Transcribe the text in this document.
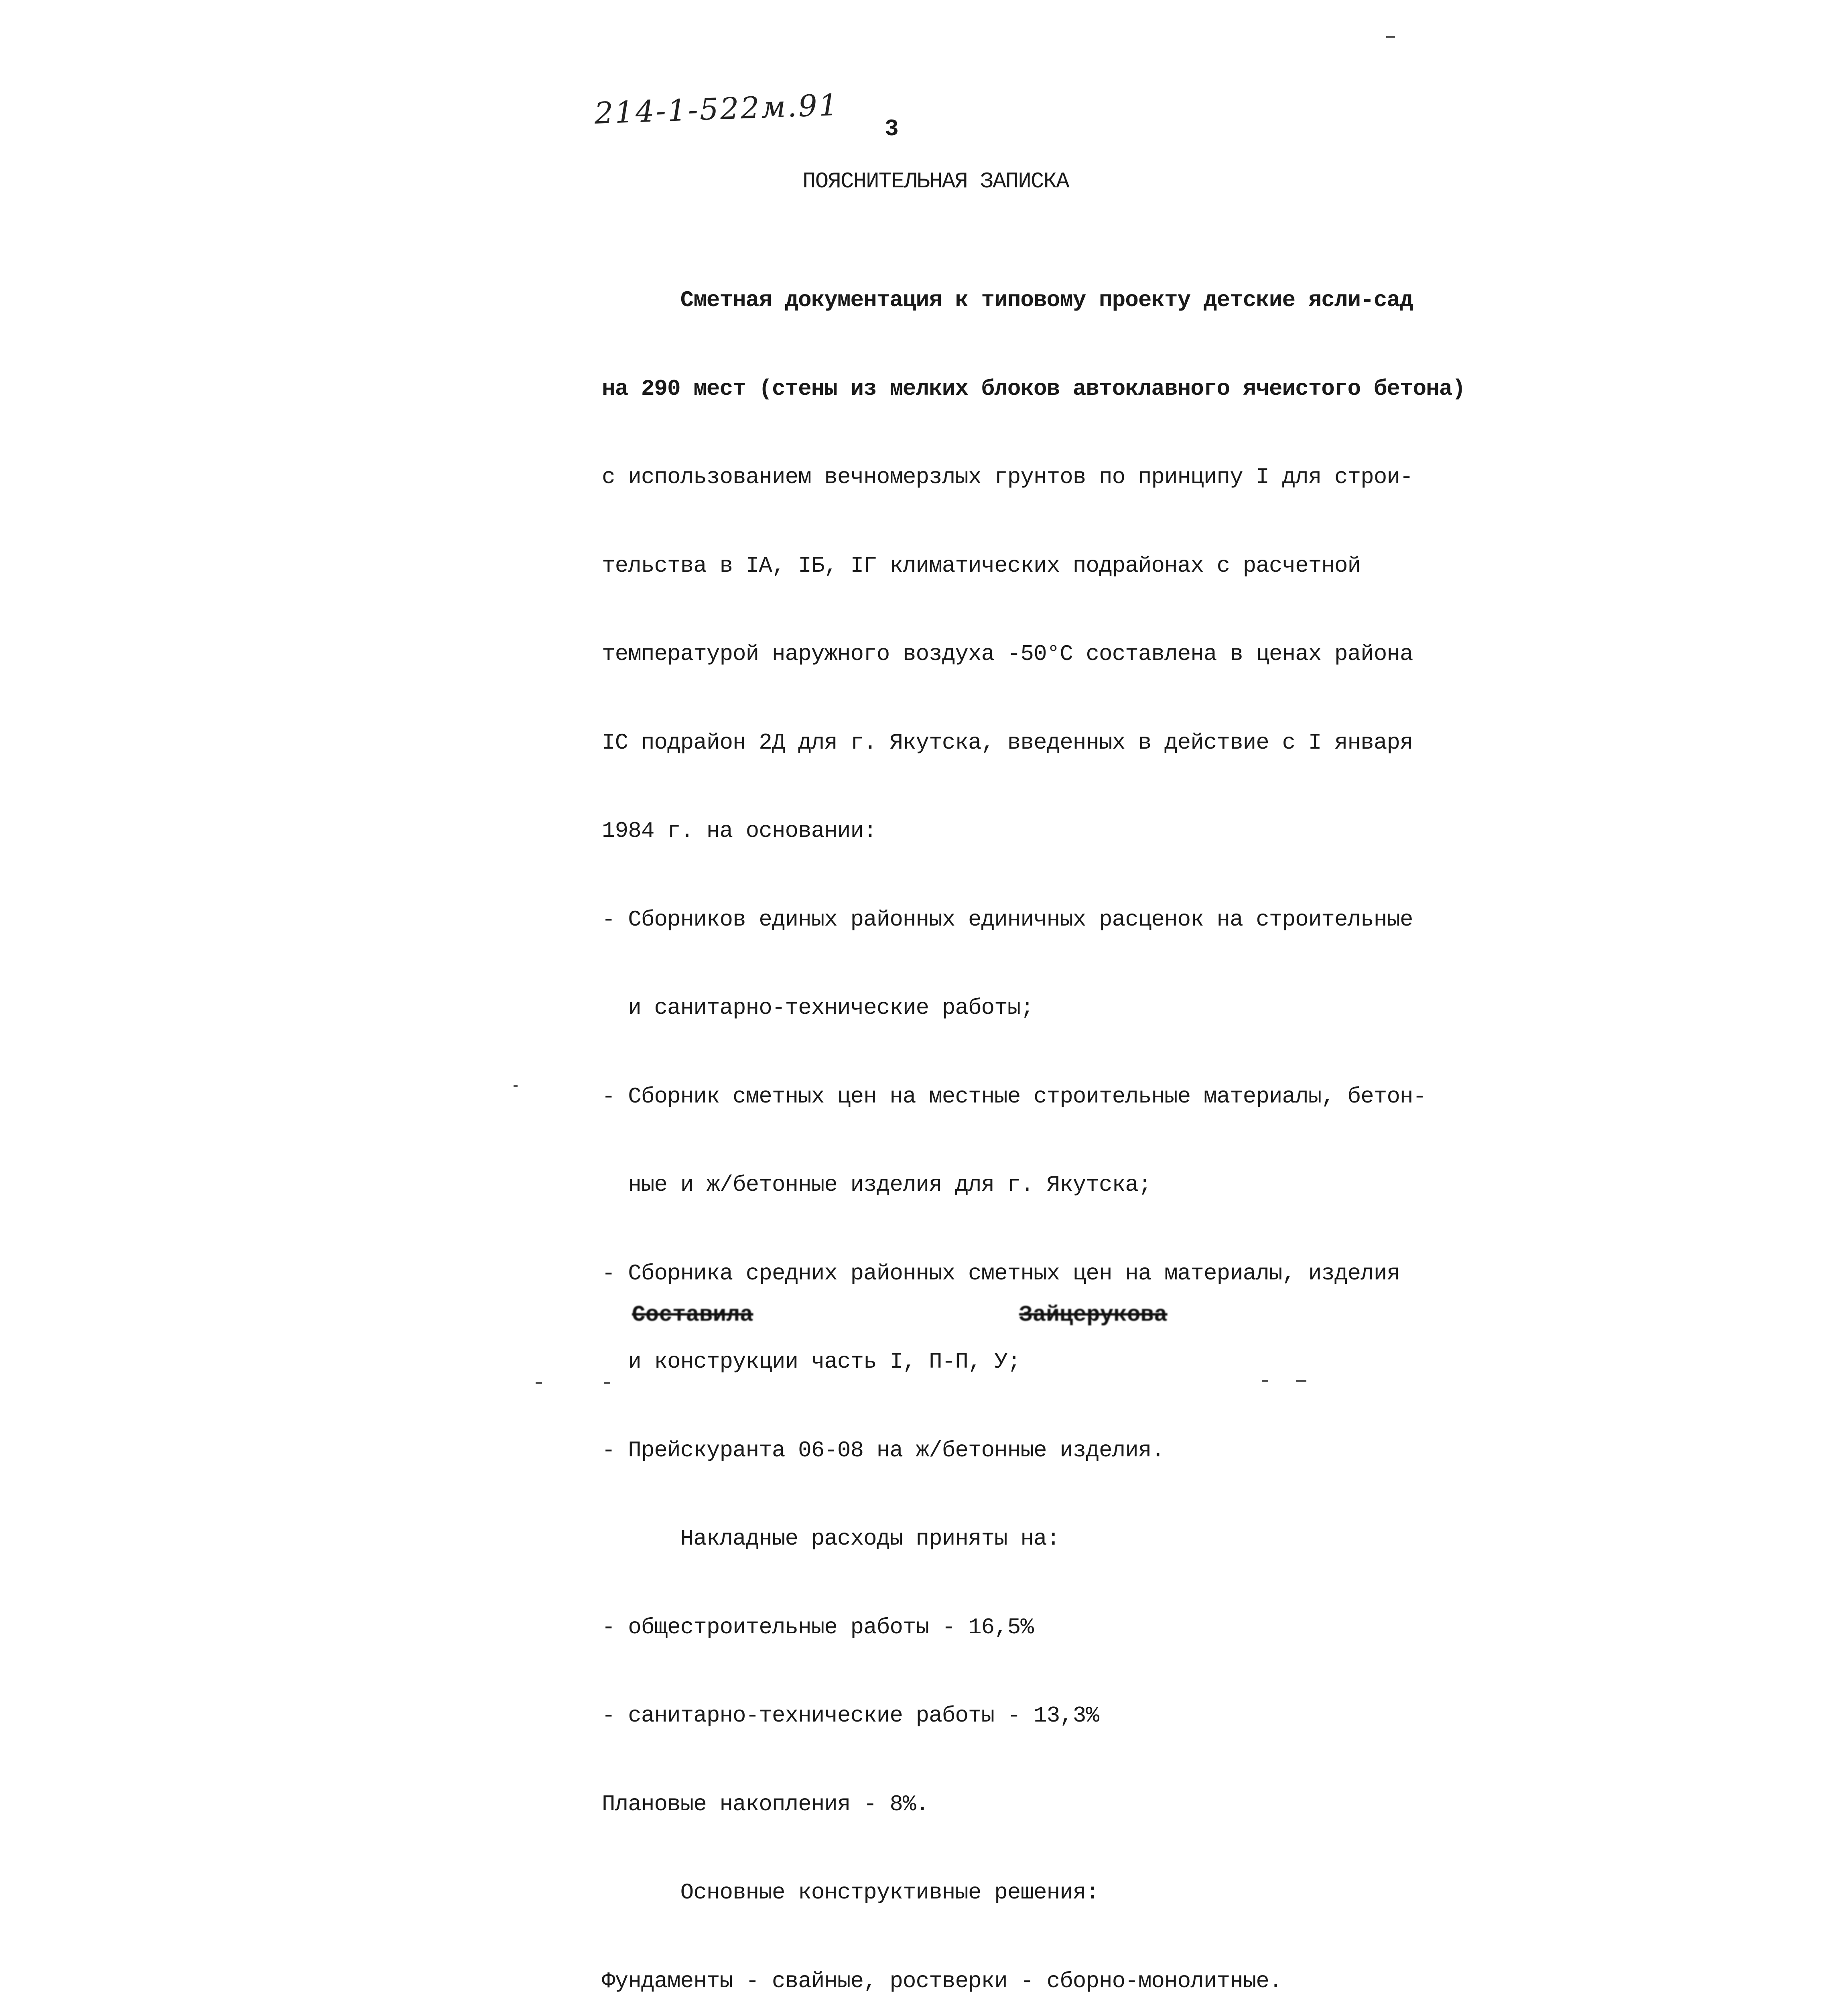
214-1-522м.91 3
ПОЯСНИТЕЛЬНАЯ ЗАПИСКА

Сметная документация к типовому проекту детские ясли-сад

на 290 мест (стены из мелких блоков автоклавного ячеистого бетона)

с использованием вечномерзлых грунтов по принципу I для строи-

тельства в IА, IБ, IГ климатических подрайонах с расчетной

температурой наружного воздуха -50°С составлена в ценах района

IС подрайон 2Д для г. Якутска, введенных в действие с I января

1984 г. на основании:

- Сборников единых районных единичных расценок на строительные

и санитарно-технические работы;

- Сборник сметных цен на местные строительные материалы, бетон-

ные и ж/бетонные изделия для г. Якутска;

- Сборника средних районных сметных цен на материалы, изделия

и конструкции часть I, П-П, У;

- Прейскуранта 06-08 на ж/бетонные изделия.

Накладные расходы приняты на:

- общестроительные работы - 16,5%

- санитарно-технические работы - 13,3%

Плановые накопления - 8%.

Основные конструктивные решения:

Фундаменты - свайные, ростверки - сборно-монолитные.

Составила	Зайцерукова
